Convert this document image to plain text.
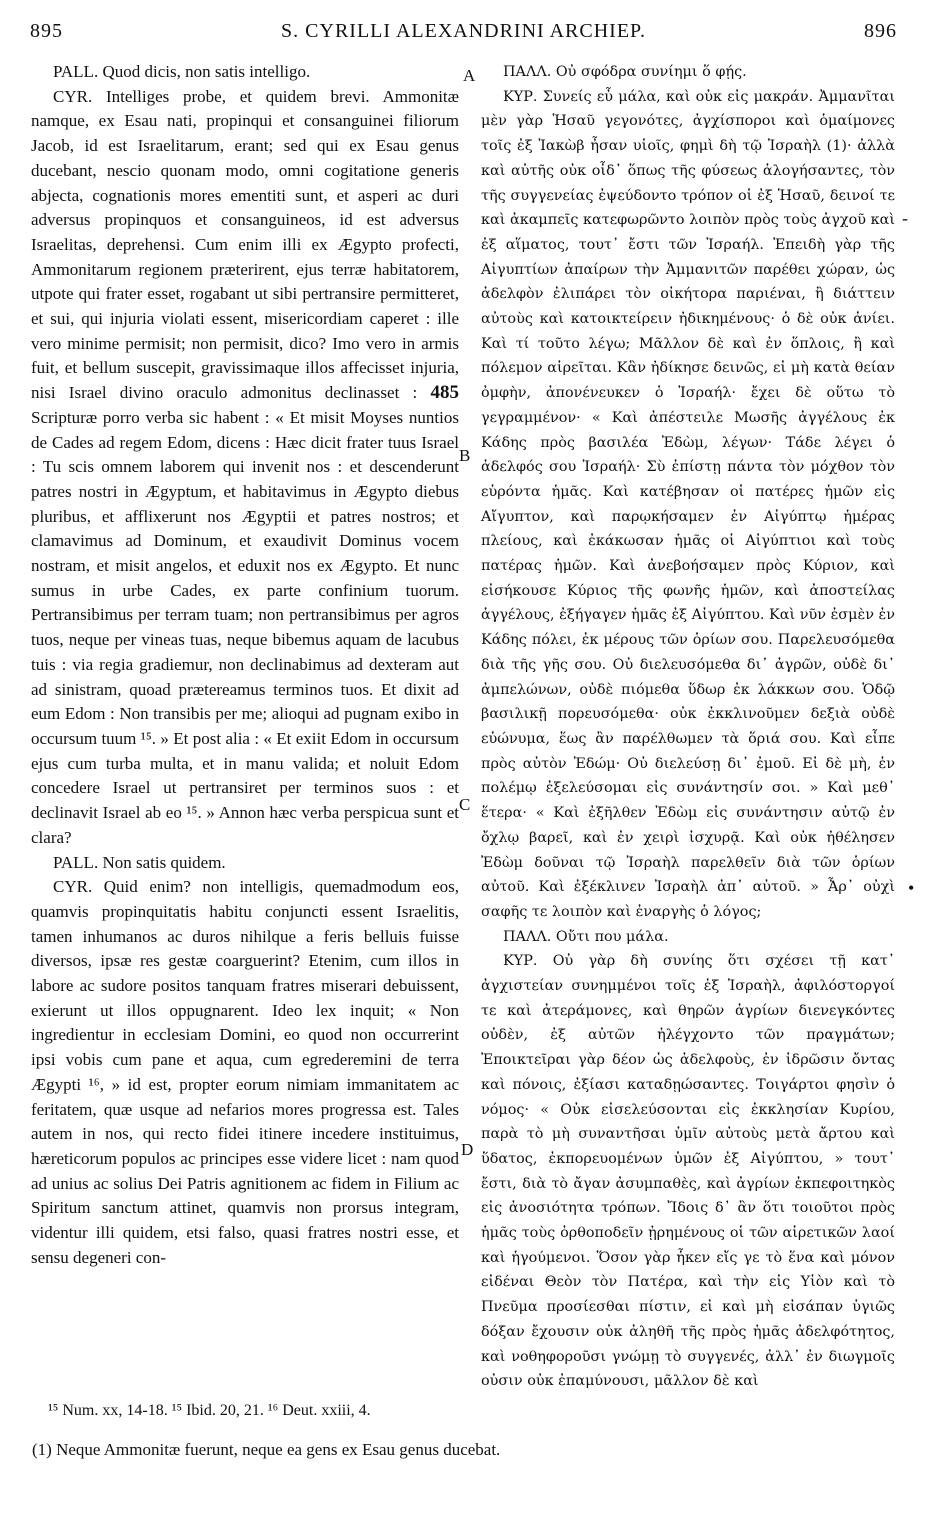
895	S. CYRILLI ALEXANDRINI ARCHIEP.	896

PALL. Quod dicis, non satis intelligo.

CYR. Intelliges probe, et quidem brevi. Ammonitæ namque, ex Esau nati, propinqui et consanguinei filiorum Jacob, id est Israelitarum, erant; sed qui ex Esau genus ducebant, nescio quonam modo, omni cogitatione generis abjecta, cognationis mores ementiti sunt, et asperi ac duri adversus propinquos et consanguineos, id est adversus Israelitas, deprehensi. Cum enim illi ex Ægypto profecti, Ammonitarum regionem præterirent, ejus terræ habitatorem, utpote qui frater esset, rogabant ut sibi pertransire permitteret, et sui, qui injuria violati essent, misericordiam caperet : ille vero minime permisit; non permisit, dico? Imo vero in armis fuit, et bellum suscepit, gravissimaque illos affecisset injuria, nisi Israel divino oraculo admonitus declinasset : 485 Scripturæ porro verba sic habent : « Et misit Moyses nuntios de Cades ad regem Edom, dicens : Hæc dicit frater tuus Israel : Tu scis omnem laborem qui invenit nos : et descenderunt patres nostri in Ægyptum, et habitavimus in Ægypto diebus pluribus, et afflixerunt nos Ægyptii et patres nostros; et clamavimus ad Dominum, et exaudivit Dominus vocem nostram, et misit angelos, et eduxit nos ex Ægypto. Et nunc sumus in urbe Cades, ex parte confinium tuorum. Pertransibimus per terram tuam; non pertransibimus per agros tuos, neque per vineas tuas, neque bibemus aquam de lacubus tuis : via regia gradiemur, non declinabimus ad dexteram aut ad sinistram, quoad prætereamus terminos tuos. Et dixit ad eum Edom : Non transibis per me; alioqui ad pugnam exibo in occursum tuum ¹⁵. » Et post alia : « Et exiit Edom in occursum ejus cum turba multa, et in manu valida; et noluit Edom concedere Israel ut pertransiret per terminos suos : et declinavit Israel ab eo ¹⁵. » Annon hæc verba perspicua sunt et clara?

PALL. Non satis quidem.

CYR. Quid enim? non intelligis, quemadmodum eos, quamvis propinquitatis habitu conjuncti essent Israelitis, tamen inhumanos ac duros nihilque a feris belluis fuisse diversos, ipsæ res gestæ coarguerint? Etenim, cum illos in labore ac sudore positos tanquam fratres miserari debuissent, exierunt ut illos oppugnarent. Ideo lex inquit; « Non ingredientur in ecclesiam Domini, eo quod non occurrerint ipsi vobis cum pane et aqua, cum egrederemini de terra Ægypti ¹⁶, » id est, propter eorum nimiam immanitatem ac feritatem, quæ usque ad nefarios mores progressa est. Tales autem in nos, qui recto fidei itinere incedere instituimus, hæreticorum populos ac principes esse videre licet : nam quod ad unius ac solius Dei Patris agnitionem ac fidem in Filium ac Spiritum sanctum attinet, quamvis non prorsus integram, videntur illi quidem, etsi falso, quasi fratres nostri esse, et sensu degeneri con-

A
B
C
D
-
•

ΠΑΛΛ. Οὐ σφόδρα συνίημι ὅ φῄς.

ΚΥΡ. Συνείς εὖ μάλα, καὶ οὐκ εἰς μακράν. Ἀμμανῖται μὲν γὰρ Ἡσαῦ γεγονότες, ἀγχίσποροι καὶ ὁμαίμονες τοῖς ἐξ Ἰακὼβ ἦσαν υἱοῖς, φημὶ δὴ τῷ Ἰσραὴλ (1)· ἀλλὰ καὶ αὐτῆς οὐκ οἶδ᾽ ὅπως τῆς φύσεως ἀλογήσαντες, τὸν τῆς συγγενείας ἐψεύδοντο τρόπον οἱ ἐξ Ἡσαῦ, δεινοί τε καὶ ἀκαμπεῖς κατεφωρῶντο λοιπὸν πρὸς τοὺς ἀγχοῦ καὶ ἐξ αἵματος, τουτ᾽ ἔστι τῶν Ἰσραήλ. Ἐπειδὴ γὰρ τῆς Αἰγυπτίων ἀπαίρων τὴν Ἀμμανιτῶν παρέθει χώραν, ὡς ἀδελφὸν ἐλιπάρει τὸν οἰκήτορα παριέναι, ἢ διάττειν αὐτοὺς καὶ κατοικτείρειν ἠδικημένους· ὁ δὲ οὐκ ἀνίει. Καὶ τί τοῦτο λέγω; Μᾶλλον δὲ καὶ ἐν ὅπλοις, ἢ καὶ πόλεμον αἱρεῖται. Κἂν ἠδίκησε δεινῶς, εἰ μὴ κατὰ θείαν ὀμφὴν, ἀπονένευκεν ὁ Ἰσραήλ· ἔχει δὲ οὕτω τὸ γεγραμμένον· « Καὶ ἀπέστειλε Μωσῆς ἀγγέλους ἐκ Κάδης πρὸς βασιλέα Ἐδὼμ, λέγων· Τάδε λέγει ὁ ἀδελφός σου Ἰσραήλ· Σὺ ἐπίστῃ πάντα τὸν μόχθον τὸν εὑρόντα ἡμᾶς. Καὶ κατέβησαν οἱ πατέρες ἡμῶν εἰς Αἴγυπτον, καὶ παρῳκήσαμεν ἐν Αἰγύπτῳ ἡμέρας πλείους, καὶ ἐκάκωσαν ἡμᾶς οἱ Αἰγύπτιοι καὶ τοὺς πατέρας ἡμῶν. Καὶ ἀνεβοήσαμεν πρὸς Κύριον, καὶ εἰσήκουσε Κύριος τῆς φωνῆς ἡμῶν, καὶ ἀποστείλας ἀγγέλους, ἐξήγαγεν ἡμᾶς ἐξ Αἰγύπτου. Καὶ νῦν ἐσμὲν ἐν Κάδης πόλει, ἐκ μέρους τῶν ὁρίων σου. Παρελευσόμεθα διὰ τῆς γῆς σου. Οὐ διελευσόμεθα δι᾽ ἀγρῶν, οὐδὲ δι᾽ ἀμπελώνων, οὐδὲ πιόμεθα ὕδωρ ἐκ λάκκων σου. Ὁδῷ βασιλικῇ πορευσόμεθα· οὐκ ἐκκλινοῦμεν δεξιὰ οὐδὲ εὐώνυμα, ἕως ἂν παρέλθωμεν τὰ ὅριά σου. Καὶ εἶπε πρὸς αὐτὸν Ἐδώμ· Οὐ διελεύσῃ δι᾽ ἐμοῦ. Εἰ δὲ μὴ, ἐν πολέμῳ ἐξελεύσομαι εἰς συνάντησίν σοι. » Καὶ μεθ᾽ ἕτερα· « Καὶ ἐξῆλθεν Ἐδὼμ εἰς συνάντησιν αὐτῷ ἐν ὄχλῳ βαρεῖ, καὶ ἐν χειρὶ ἰσχυρᾷ. Καὶ οὐκ ἠθέλησεν Ἐδὼμ δοῦναι τῷ Ἰσραὴλ παρελθεῖν διὰ τῶν ὁρίων αὐτοῦ. Καὶ ἐξέκλινεν Ἰσραὴλ ἀπ᾽ αὐτοῦ. » Ἆρ᾽ οὐχὶ σαφῆς τε λοιπὸν καὶ ἐναργὴς ὁ λόγος;

ΠΑΛΛ. Οὔτι που μάλα.

ΚΥΡ. Οὐ γὰρ δὴ συνίης ὅτι σχέσει τῇ κατ᾽ ἀγχιστείαν συνημμένοι τοῖς ἐξ Ἰσραὴλ, ἀφιλόστοργοί τε καὶ ἀτεράμονες, καὶ θηρῶν ἀγρίων διενεγκόντες οὐδὲν, ἐξ αὐτῶν ἠλέγχοντο τῶν πραγμάτων; Ἐποικτεῖραι γὰρ δέον ὡς ἀδελφοὺς, ἐν ἱδρῶσιν ὄντας καὶ πόνοις, ἐξίασι καταδῃώσαντες. Τοιγάρτοι φησὶν ὁ νόμος· « Οὐκ εἰσελεύσονται εἰς ἐκκλησίαν Κυρίου, παρὰ τὸ μὴ συναντῆσαι ὑμῖν αὐτοὺς μετὰ ἄρτου καὶ ὕδατος, ἐκπορευομένων ὑμῶν ἐξ Αἰγύπτου, » τουτ᾽ ἔστι, διὰ τὸ ἄγαν ἀσυμπαθὲς, καὶ ἀγρίων ἐκπεφοιτηκὸς εἰς ἀνοσιότητα τρόπων. Ἴδοις δ᾽ ἂν ὅτι τοιοῦτοι πρὸς ἡμᾶς τοὺς ὀρθοποδεῖν ᾑρημένους οἱ τῶν αἱρετικῶν λαοί καὶ ἡγούμενοι. Ὅσον γὰρ ἧκεν εἴς γε τὸ ἕνα καὶ μόνον εἰδέναι Θεὸν τὸν Πατέρα, καὶ τὴν εἰς Υἱὸν καὶ τὸ Πνεῦμα προσίεσθαι πίστιν, εἰ καὶ μὴ εἰσάπαν ὑγιῶς δόξαν ἔχουσιν οὐκ ἀληθῆ τῆς πρὸς ἡμᾶς ἀδελφότητος, καὶ νοθηφοροῦσι γνώμῃ τὸ συγγενές, ἀλλ᾽ ἐν διωγμοῖς οὐσιν οὐκ ἐπαμύνουσι, μᾶλλον δὲ καὶ

¹⁵ Num. xx, 14-18. ¹⁵ Ibid. 20, 21. ¹⁶ Deut. xxiii, 4.
(1) Neque Ammonitæ fuerunt, neque ea gens ex Esau genus ducebat.
